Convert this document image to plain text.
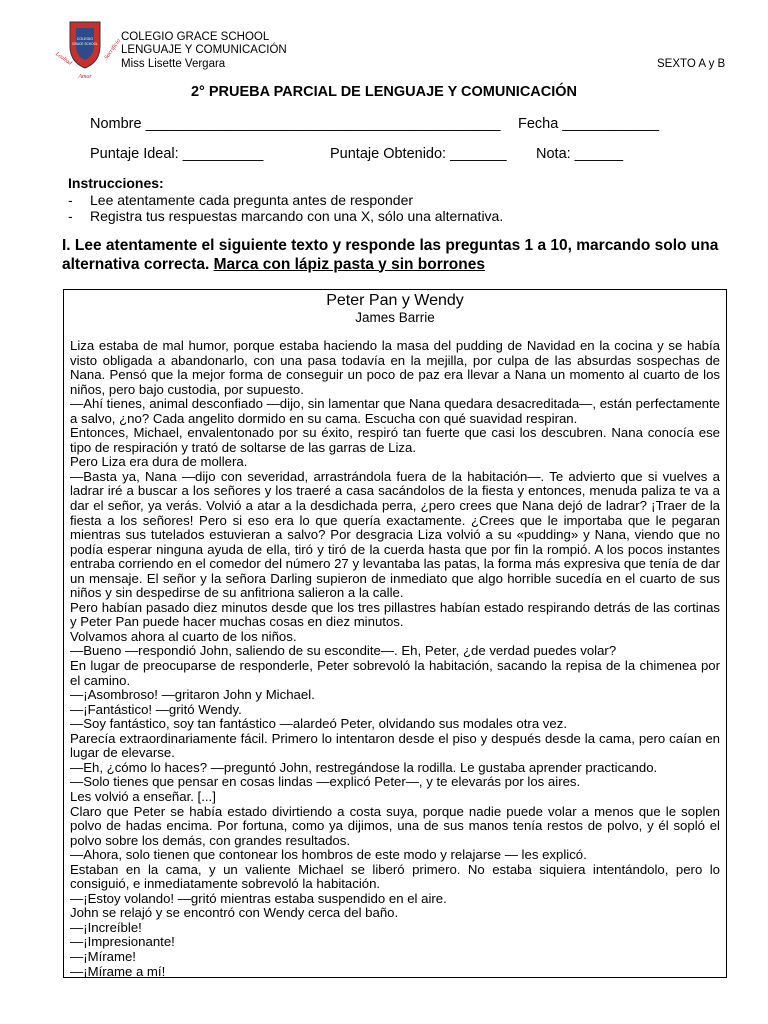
COLEGIO
GRACE SCHOOL
Lealtad	Sacrificio
Amor
COLEGIO GRACE SCHOOL
LENGUAJE Y COMUNICACIÓN
Miss Lisette Vergara	SEXTO A y B
2° PRUEBA PARCIAL DE LENGUAJE Y COMUNICACIÓN
Nombre ____________________________________________ Fecha ____________
Puntaje Ideal: __________	Puntaje Obtenido: _______ Nota: ______
Instrucciones:
-	Lee atentamente cada pregunta antes de responder
-	Registra tus respuestas marcando con una X, sólo una alternativa.
I. Lee atentamente el siguiente texto y responde las preguntas 1 a 10, marcando solo una alternativa correcta. Marca con lápiz pasta y sin borrones
Peter Pan y Wendy
James Barrie

Liza estaba de mal humor, porque estaba haciendo la masa del pudding de Navidad en la cocina y se había visto obligada a abandonarlo, con una pasa todavía en la mejilla, por culpa de las absurdas sospechas de Nana. Pensó que la mejor forma de conseguir un poco de paz era llevar a Nana un momento al cuarto de los niños, pero bajo custodia, por supuesto.

—Ahí tienes, animal desconfiado —dijo, sin lamentar que Nana quedara desacreditada—, están perfectamente a salvo, ¿no? Cada angelito dormido en su cama. Escucha con qué suavidad respiran.

Entonces, Michael, envalentonado por su éxito, respiró tan fuerte que casi los descubren. Nana conocía ese tipo de respiración y trató de soltarse de las garras de Liza.

Pero Liza era dura de mollera.

—Basta ya, Nana —dijo con severidad, arrastrándola fuera de la habitación—. Te advierto que si vuelves a ladrar iré a buscar a los señores y los traeré a casa sacándolos de la fiesta y entonces, menuda paliza te va a dar el señor, ya verás. Volvió a atar a la desdichada perra, ¿pero crees que Nana dejó de ladrar? ¡Traer de la fiesta a los señores! Pero si eso era lo que quería exactamente. ¿Crees que le importaba que le pegaran mientras sus tutelados estuvieran a salvo? Por desgracia Liza volvió a su «pudding» y Nana, viendo que no podía esperar ninguna ayuda de ella, tiró y tiró de la cuerda hasta que por fin la rompió. A los pocos instantes entraba corriendo en el comedor del número 27 y levantaba las patas, la forma más expresiva que tenía de dar un mensaje. El señor y la señora Darling supieron de inmediato que algo horrible sucedía en el cuarto de sus niños y sin despedirse de su anfitriona salieron a la calle.

Pero habían pasado diez minutos desde que los tres pillastres habían estado respirando detrás de las cortinas y Peter Pan puede hacer muchas cosas en diez minutos.

Volvamos ahora al cuarto de los niños.

—Bueno —respondió John, saliendo de su escondite—. Eh, Peter, ¿de verdad puedes volar?

En lugar de preocuparse de responderle, Peter sobrevoló la habitación, sacando la repisa de la chimenea por el camino.

—¡Asombroso! —gritaron John y Michael.

—¡Fantástico! —gritó Wendy.

—Soy fantástico, soy tan fantástico —alardeó Peter, olvidando sus modales otra vez.

Parecía extraordinariamente fácil. Primero lo intentaron desde el piso y después desde la cama, pero caían en lugar de elevarse.

—Eh, ¿cómo lo haces? —preguntó John, restregándose la rodilla. Le gustaba aprender practicando.

—Solo tienes que pensar en cosas lindas —explicó Peter—, y te elevarás por los aires.

Les volvió a enseñar. [...]

Claro que Peter se había estado divirtiendo a costa suya, porque nadie puede volar a menos que le soplen polvo de hadas encima. Por fortuna, como ya dijimos, una de sus manos tenía restos de polvo, y él sopló el polvo sobre los demás, con grandes resultados.

—Ahora, solo tienen que contonear los hombros de este modo y relajarse — les explicó.

Estaban en la cama, y un valiente Michael se liberó primero. No estaba siquiera intentándolo, pero lo consiguió, e inmediatamente sobrevoló la habitación.

—¡Estoy volando! —gritó mientras estaba suspendido en el aire.

John se relajó y se encontró con Wendy cerca del baño.

—¡Increíble!

—¡Impresionante!

—¡Mírame!

—¡Mírame a mí!
